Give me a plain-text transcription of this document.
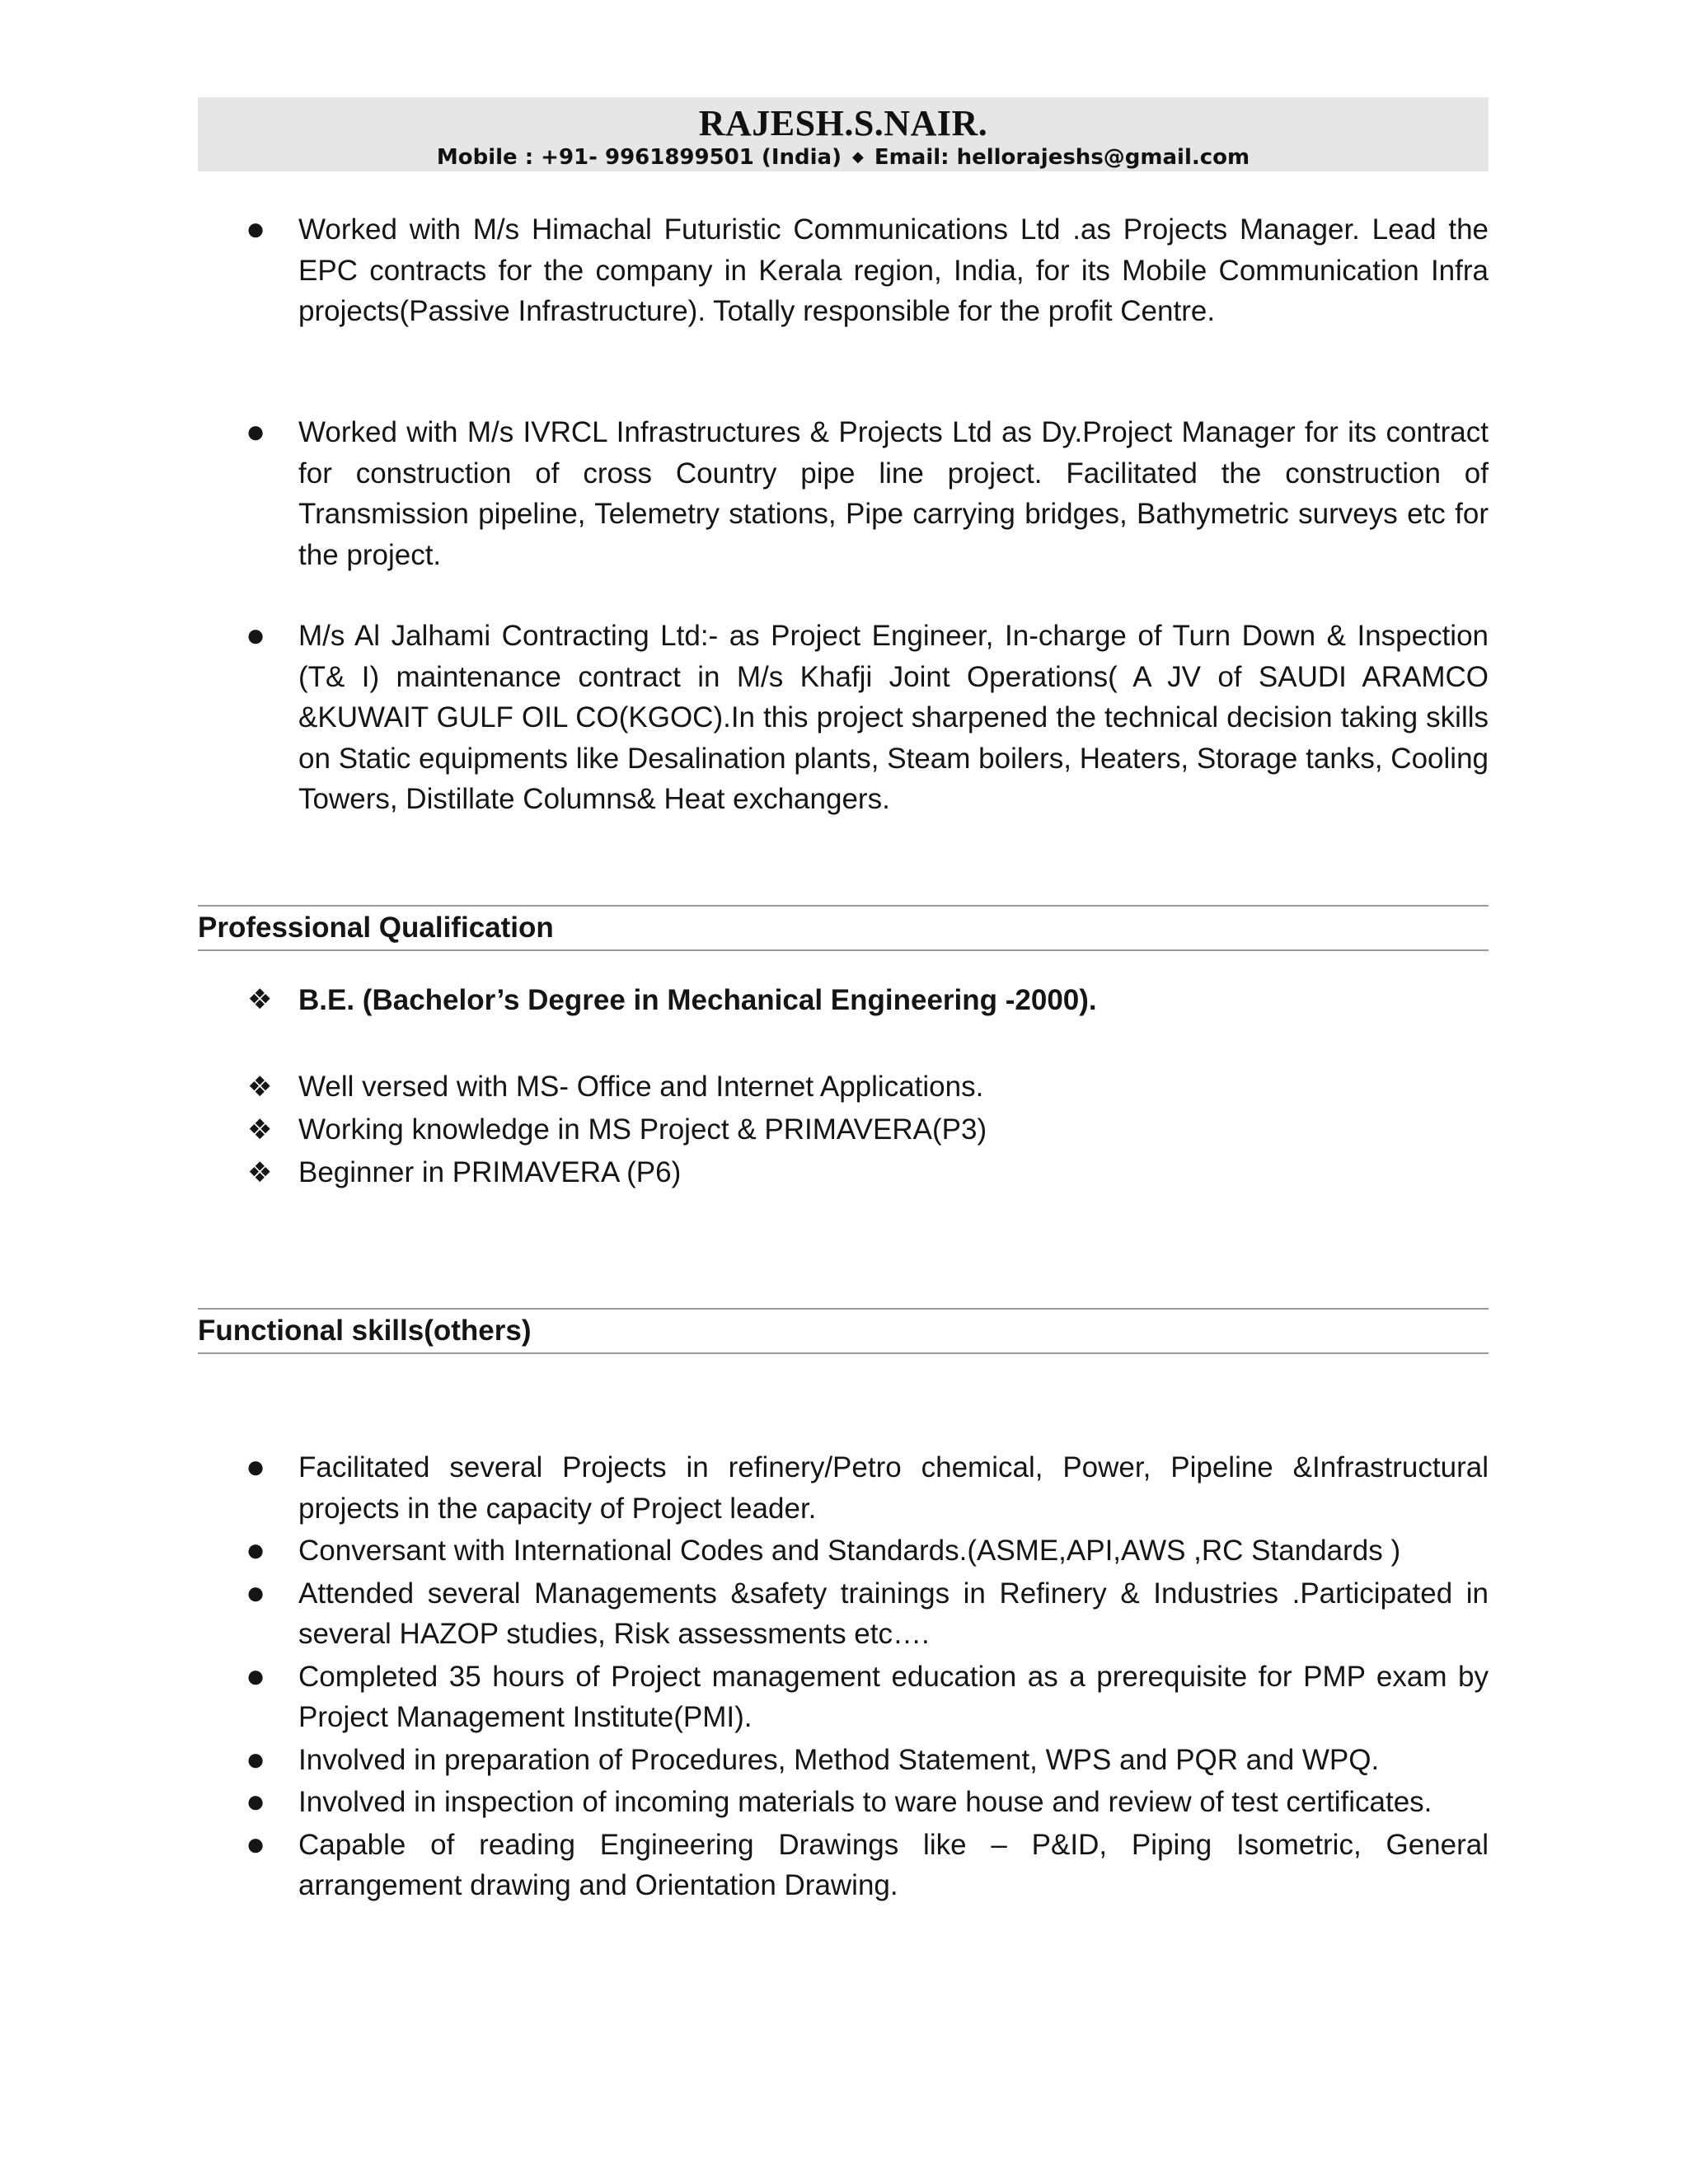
RAJESH.S.NAIR.
Mobile : +91- 9961899501 (India) ◆ Email: hellorajeshs@gmail.com
●	Worked with M/s Himachal Futuristic Communications Ltd .as Projects Manager. Lead the EPC contracts for the company in Kerala region, India, for its Mobile Communication Infra projects(Passive Infrastructure). Totally responsible for the profit Centre.
●	Worked with M/s IVRCL Infrastructures & Projects Ltd as Dy.Project Manager for its contract for construction of cross Country pipe line project. Facilitated the construction of Transmission pipeline, Telemetry stations, Pipe carrying bridges, Bathymetric surveys etc for the project.
●	M/s Al Jalhami Contracting Ltd:- as Project Engineer, In-charge of Turn Down & Inspection (T& I) maintenance contract in M/s Khafji Joint Operations( A JV of SAUDI ARAMCO &KUWAIT GULF OIL CO(KGOC).In this project sharpened the technical decision taking skills on Static equipments like Desalination plants, Steam boilers, Heaters, Storage tanks, Cooling Towers, Distillate Columns& Heat exchangers.
Professional Qualification
❖ B.E. (Bachelor’s Degree in Mechanical Engineering -2000).
❖ Well versed with MS- Office and Internet Applications.
❖ Working knowledge in MS Project & PRIMAVERA(P3)
❖ Beginner in PRIMAVERA (P6)
Functional skills(others)
●	Facilitated several Projects in refinery/Petro chemical, Power, Pipeline &Infrastructural projects in the capacity of Project leader.
●	Conversant with International Codes and Standards.(ASME,API,AWS ,RC Standards )
●	Attended several Managements &safety trainings in Refinery & Industries .Participated in several HAZOP studies, Risk assessments etc….
●	Completed 35 hours of Project management education as a prerequisite for PMP exam by Project Management Institute(PMI).
●	Involved in preparation of Procedures, Method Statement, WPS and PQR and WPQ.
●	Involved in inspection of incoming materials to ware house and review of test certificates.
●	Capable of reading Engineering Drawings like – P&ID, Piping Isometric, General arrangement drawing and Orientation Drawing.
